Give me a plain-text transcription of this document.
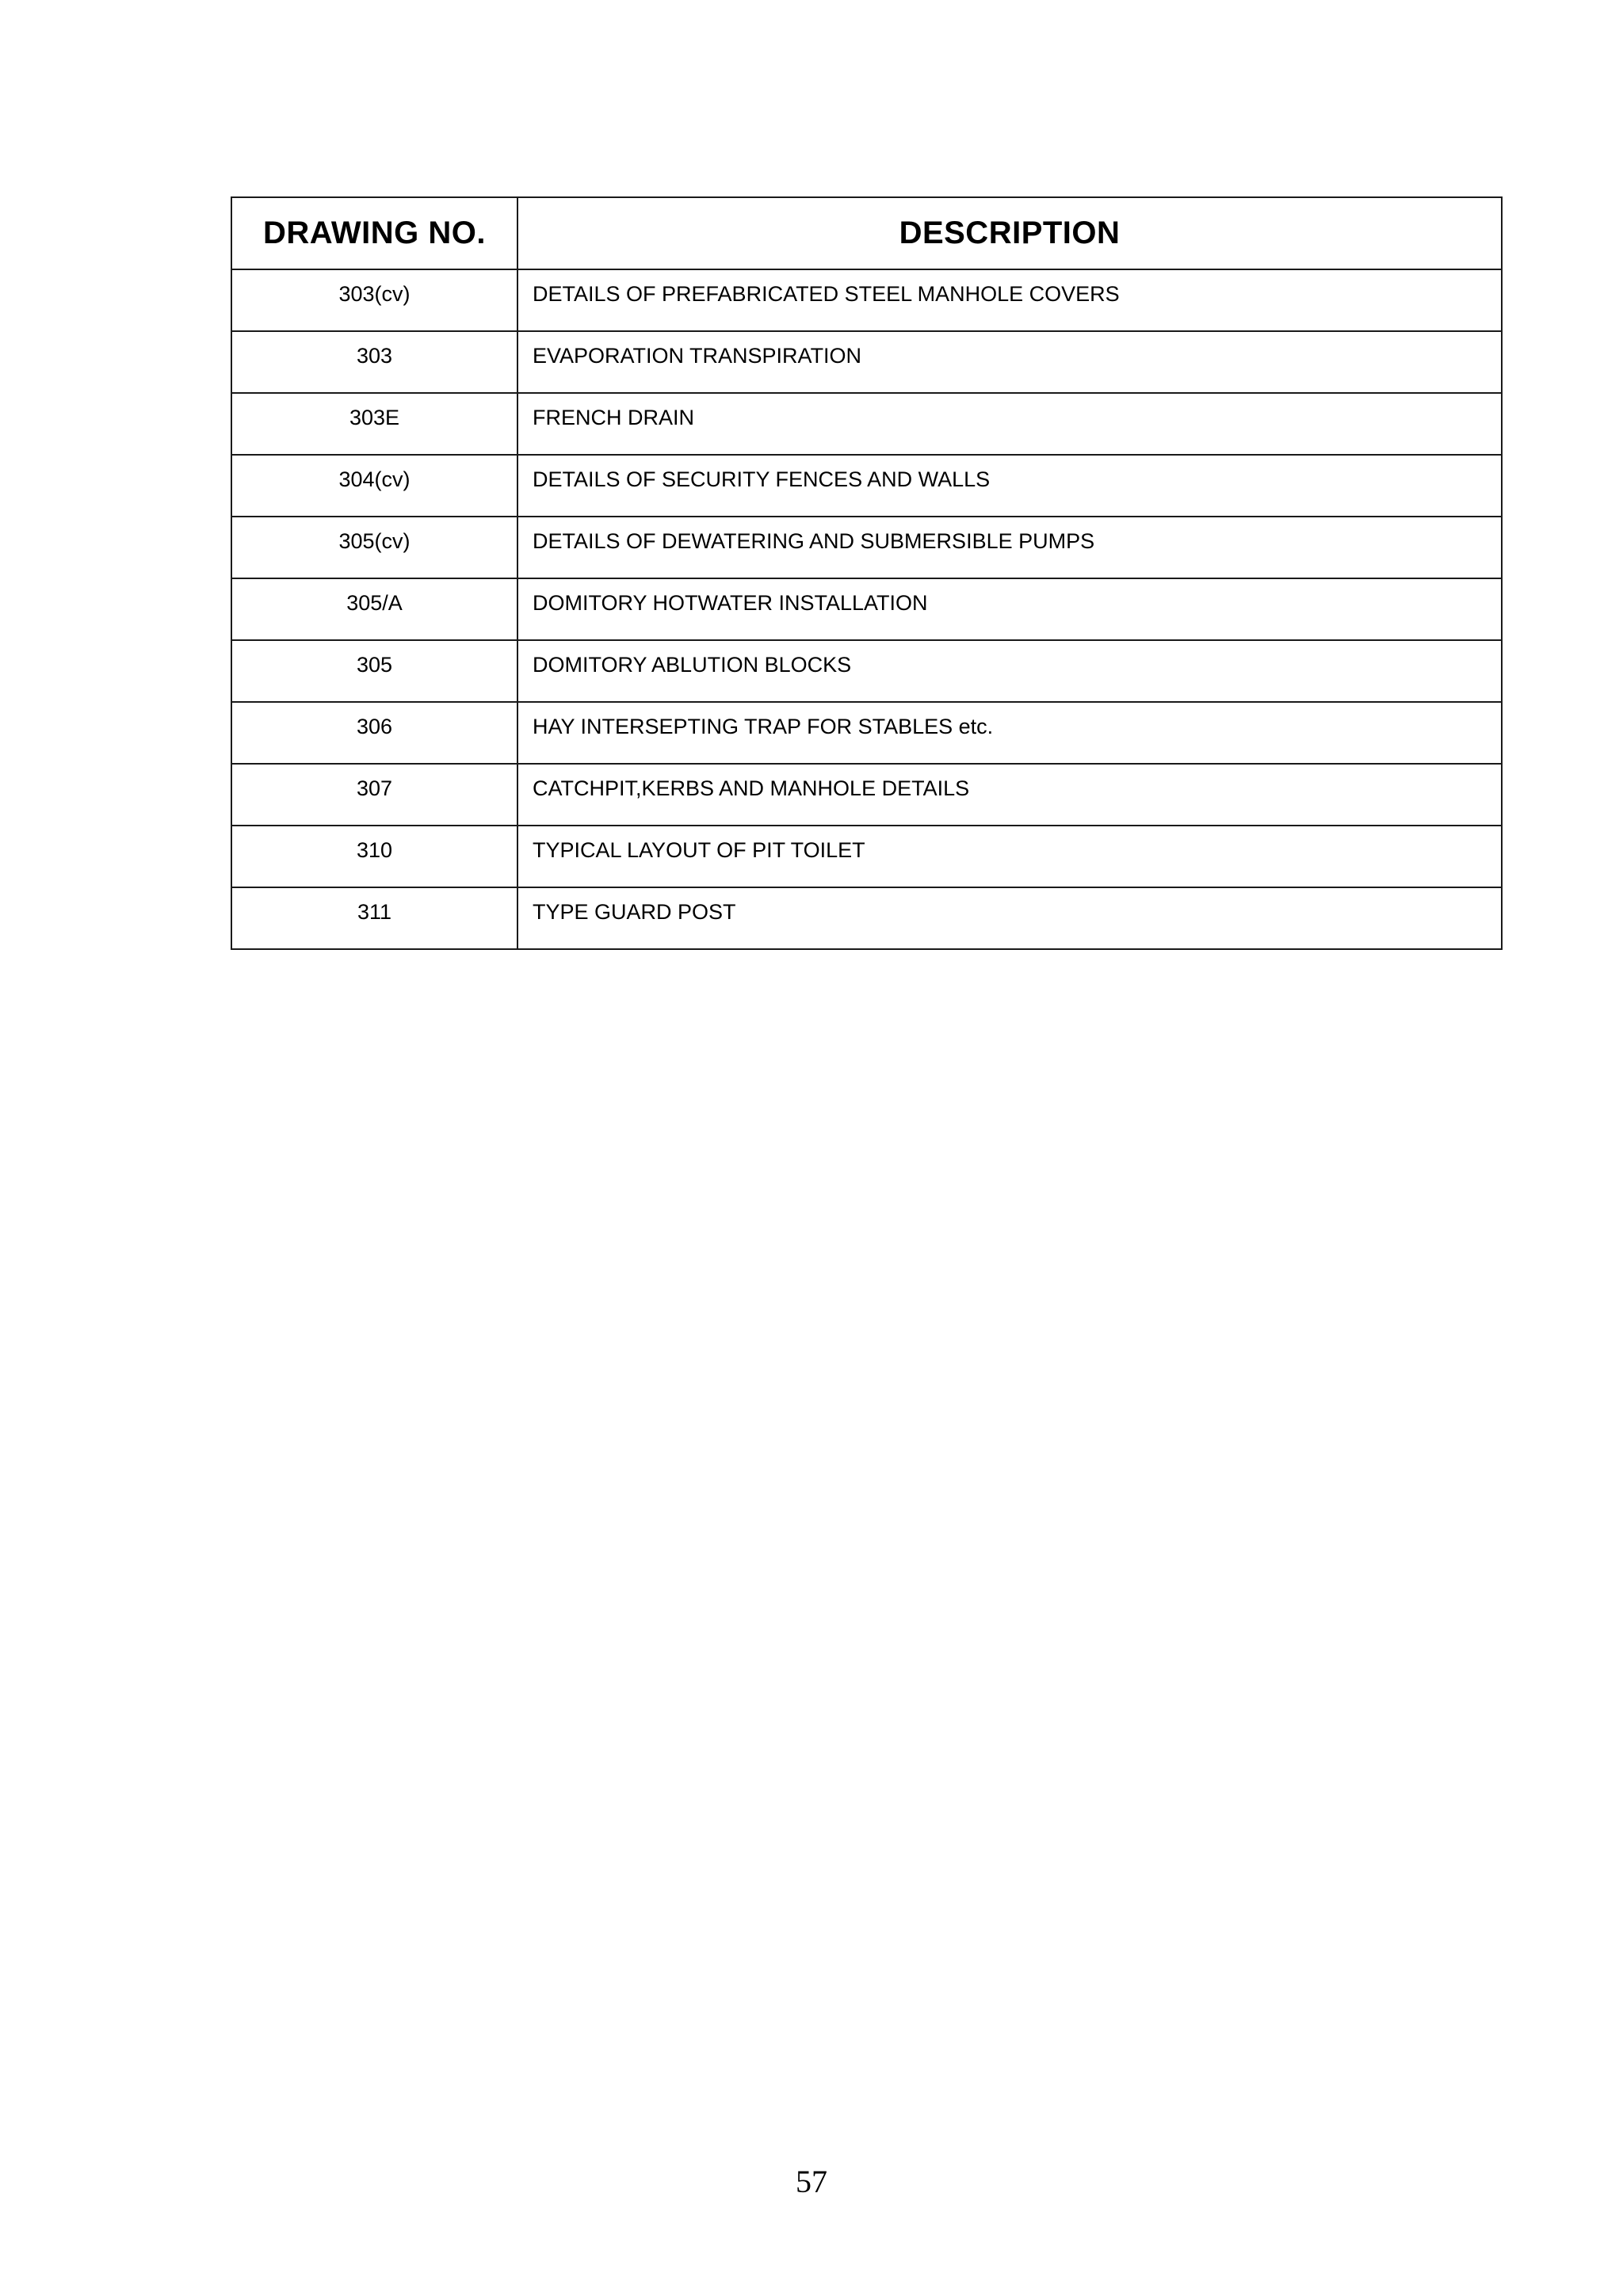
DRAWING NO.	DESCRIPTION
303(cv)	DETAILS OF PREFABRICATED STEEL MANHOLE COVERS
303	EVAPORATION TRANSPIRATION
303E	FRENCH DRAIN
304(cv)	DETAILS OF SECURITY FENCES AND WALLS
305(cv)	DETAILS OF DEWATERING AND SUBMERSIBLE PUMPS
305/A	DOMITORY HOTWATER INSTALLATION
305	DOMITORY ABLUTION BLOCKS
306	HAY INTERSEPTING TRAP FOR STABLES etc.
307	CATCHPIT,KERBS AND MANHOLE DETAILS
310	TYPICAL LAYOUT OF PIT TOILET
311	TYPE GUARD POST
57
